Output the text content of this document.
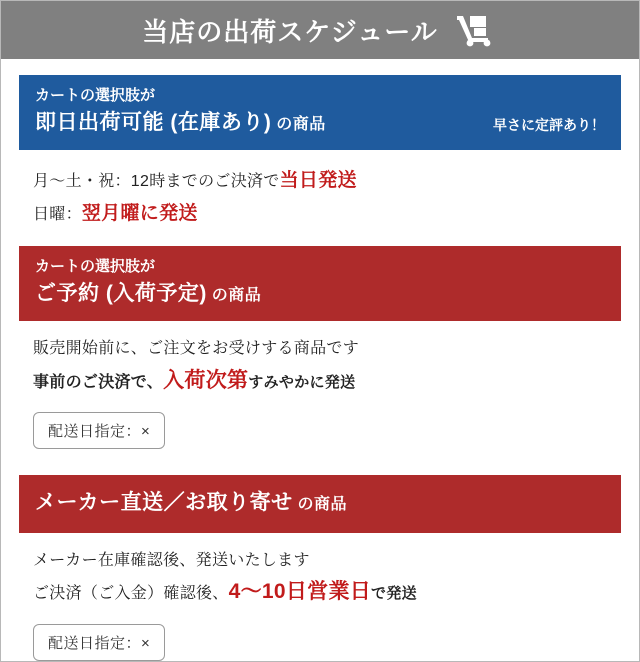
当店の出荷スケジュール
カートの選択肢が
即日出荷可能 (在庫あり) の商品	早さに定評あり！
月～土・祝：12時までのご決済で当日発送
日曜：翌月曜に発送
カートの選択肢が
ご予約 (入荷予定) の商品
販売開始前に、ご注文をお受けする商品です
事前のご決済で、入荷次第すみやかに発送
配送日指定：×
メーカー直送／お取り寄せ の商品
メーカー在庫確認後、発送いたします
ご決済（ご入金）確認後、4～10日営業日で発送
配送日指定：×
